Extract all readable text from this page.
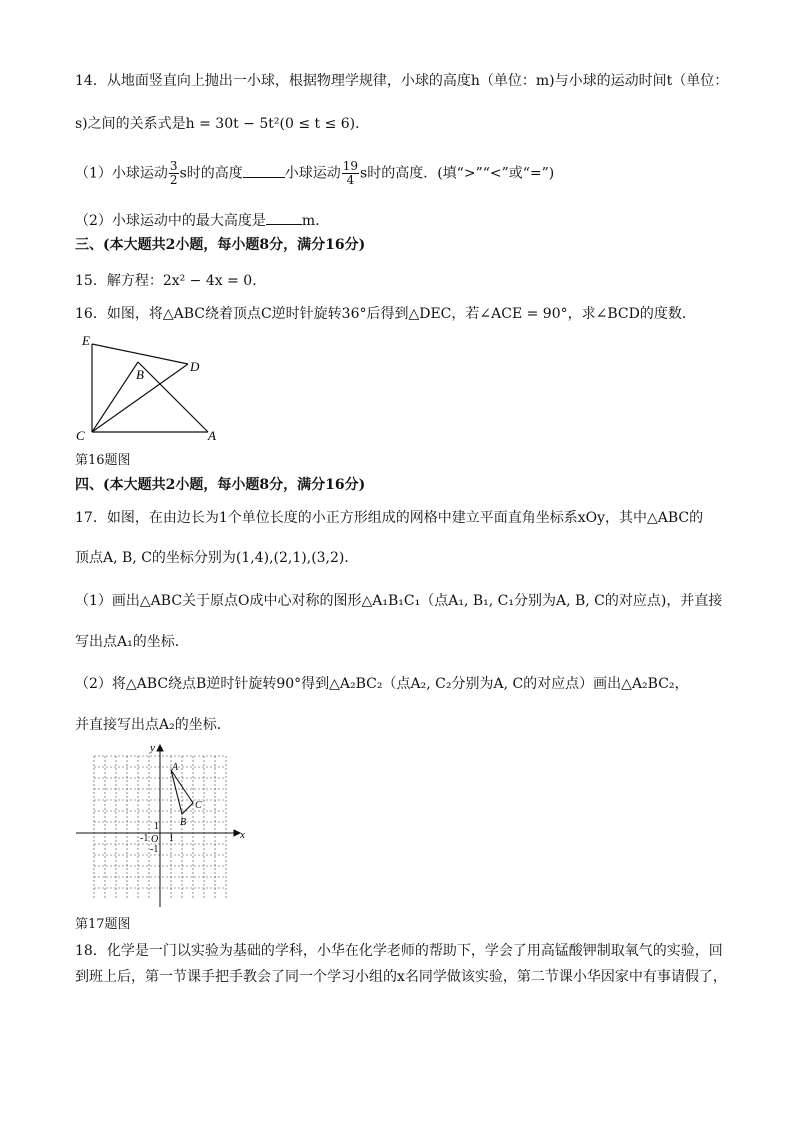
14．从地面竖直向上抛出一小球，根据物理学规律，小球的高度h（单位：m)与小球的运动时间t（单位：
s)之间的关系式是h = 30t − 5t²(0 ≤ t ≤ 6)．
（1）小球运动 $\frac{3}{2}$ s时的高度	小球运动 $\frac{19}{4}$ s时的高度．(填“>”“<”或“=”)
（2）小球运动中的最大高度是	m．
三、(本大题共2小题，每小题8分，满分16分)
15．解方程：2x² − 4x = 0．
16．如图，将△ABC绕着顶点C逆时针旋转36°后得到△DEC，若∠ACE = 90°，求∠BCD的度数．
E
B
D
C	A
第16题图
四、(本大题共2小题，每小题8分，满分16分)
17．如图，在由边长为1个单位长度的小正方形组成的网格中建立平面直角坐标系xOy，其中△ABC的
顶点A, B, C的坐标分别为(1,4),(2,1),(3,2)．
（1）画出△ABC关于原点O成中心对称的图形△A₁B₁C₁（点A₁, B₁, C₁分别为A, B, C的对应点)，并直接
写出点A₁的坐标．
（2）将△ABC绕点B逆时针旋转90°得到△A₂BC₂（点A₂, C₂分别为A, C的对应点）画出△A₂BC₂，
并直接写出点A₂的坐标．
x
y
O 1
1
-1
-1
A
B
C
第17题图
18．化学是一门以实验为基础的学科，小华在化学老师的帮助下，学会了用高锰酸钾制取氧气的实验，回
到班上后，第一节课手把手教会了同一个学习小组的x名同学做该实验，第二节课小华因家中有事请假了，
